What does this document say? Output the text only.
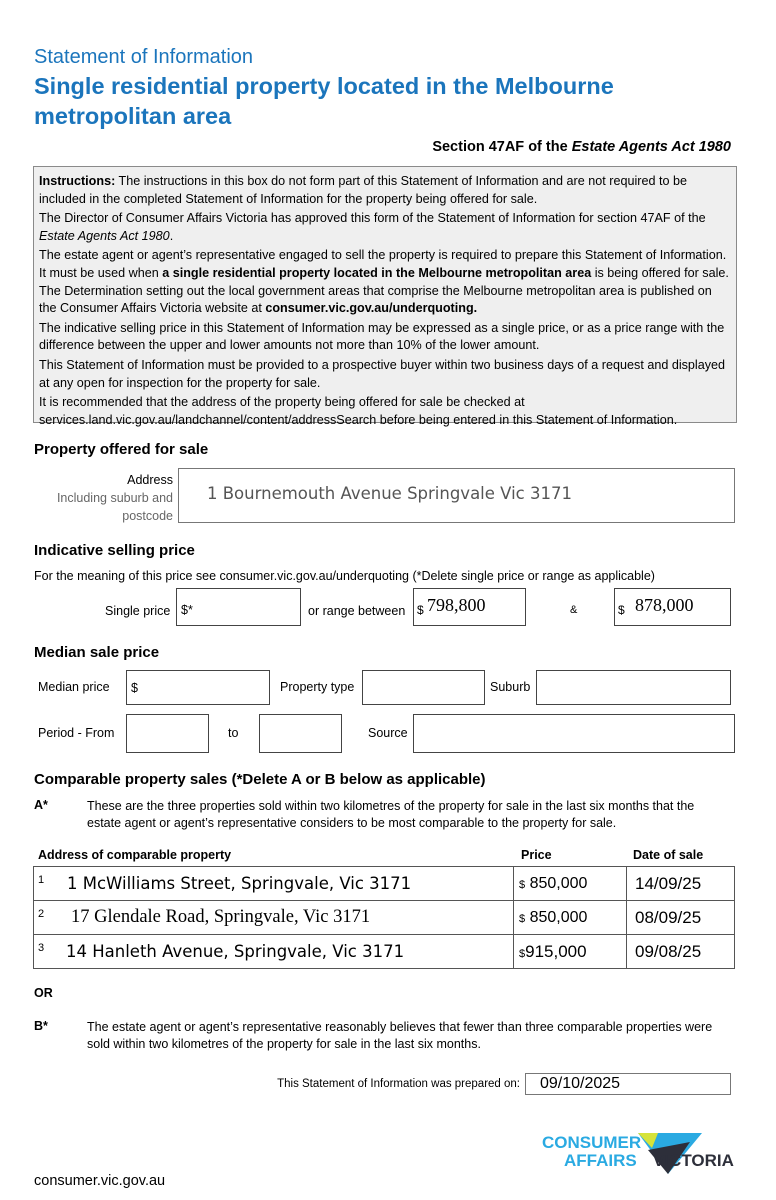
Statement of Information
Single residential property located in the Melbourne metropolitan area
Section 47AF of the Estate Agents Act 1980

Instructions: The instructions in this box do not form part of this Statement of Information and are not required to be included in the completed Statement of Information for the property being offered for sale.

The Director of Consumer Affairs Victoria has approved this form of the Statement of Information for section 47AF of the Estate Agents Act 1980.

The estate agent or agent’s representative engaged to sell the property is required to prepare this Statement of Information. It must be used when a single residential property located in the Melbourne metropolitan area is being offered for sale. The Determination setting out the local government areas that comprise the Melbourne metropolitan area is published on the Consumer Affairs Victoria website at consumer.vic.gov.au/underquoting.

The indicative selling price in this Statement of Information may be expressed as a single price, or as a price range with the difference between the upper and lower amounts not more than 10% of the lower amount.

This Statement of Information must be provided to a prospective buyer within two business days of a request and displayed at any open for inspection for the property for sale.

It is recommended that the address of the property being offered for sale be checked at services.land.vic.gov.au/landchannel/content/addressSearch before being entered in this Statement of Information.

Property offered for sale
Address
Including suburb and
postcode
1 Bournemouth Avenue Springvale Vic 3171
Indicative selling price
For the meaning of this price see consumer.vic.gov.au/underquoting (*Delete single price or range as applicable)
Single price $*	or range between $ 798,800	&	$ 878,000
Median sale price
Median price $	Property type	Suburb
Period - From	to	Source
Comparable property sales (*Delete A or B below as applicable)
A*	These are the three properties sold within two kilometres of the property for sale in the last six months that the estate agent or agent’s representative considers to be most comparable to the property for sale.
Address of comparable property	Price	Date of sale
1 1 McWilliams Street, Springvale, Vic 3171	$ 850,000	14/09/25

2 17 Glendale Road, Springvale, Vic 3171	$ 850,000	08/09/25

3 14 Hanleth Avenue, Springvale, Vic 3171	$915,000	09/08/25
OR
B*	The estate agent or agent’s representative reasonably believes that fewer than three comparable properties were sold within two kilometres of the property for sale in the last six months.
This Statement of Information was prepared on: 09/10/2025
CONSUMER
AFFAIRS VICTORIA
consumer.vic.gov.au
